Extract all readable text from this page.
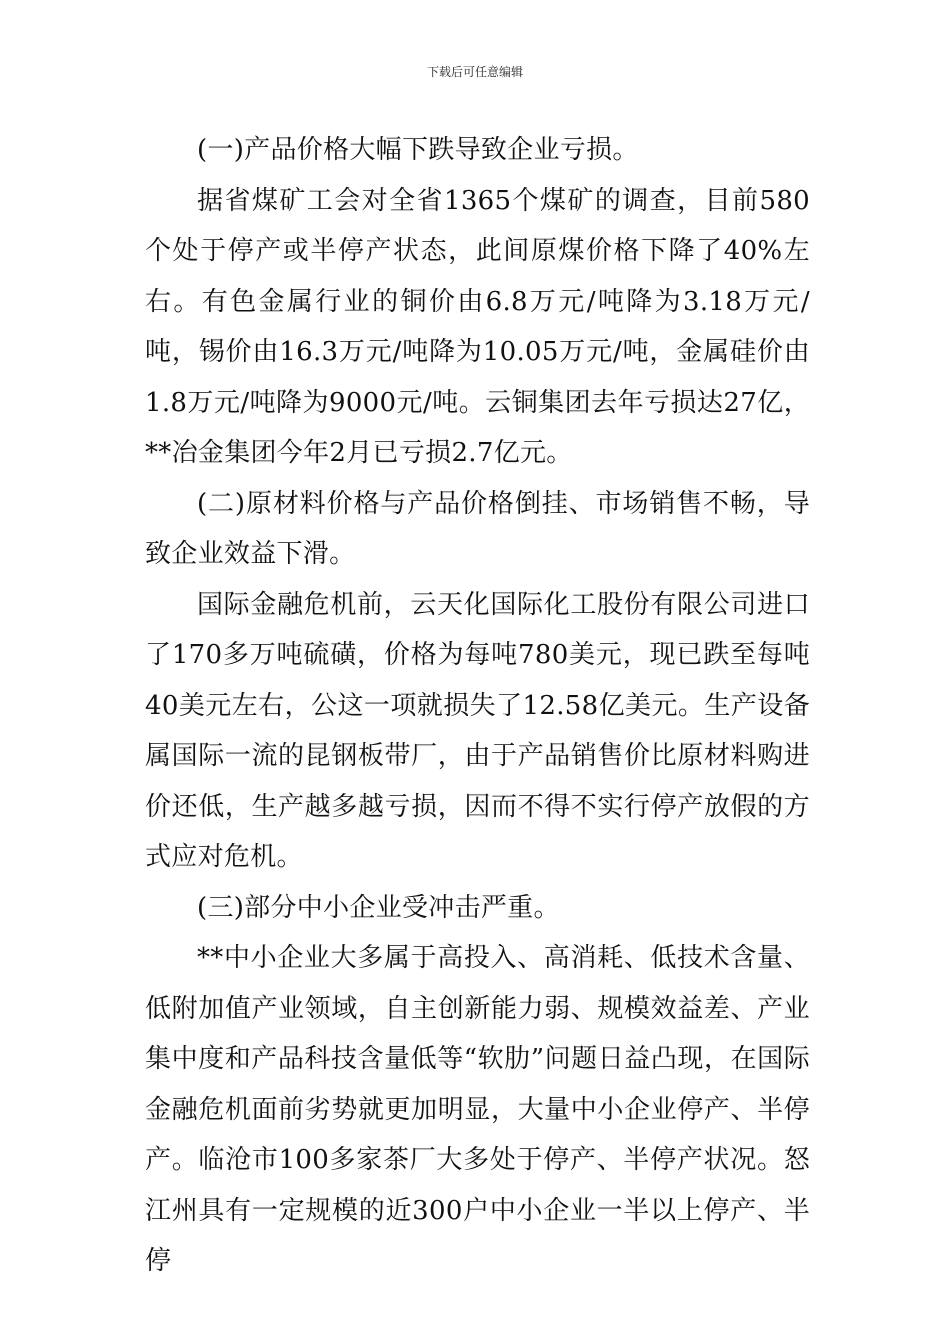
下载后可任意编辑

(一)产品价格大幅下跌导致企业亏损。

据省煤矿工会对全省1365个煤矿的调查，目前580个处于停产或半停产状态，此间原煤价格下降了40%左右。有色金属行业的铜价由6.8万元/吨降为3.18万元/吨，锡价由16.3万元/吨降为10.05万元/吨，金属硅价由1.8万元/吨降为9000元/吨。云铜集团去年亏损达27亿，**冶金集团今年2月已亏损2.7亿元。

(二)原材料价格与产品价格倒挂、市场销售不畅，导致企业效益下滑。

国际金融危机前，云天化国际化工股份有限公司进口了170多万吨硫磺，价格为每吨780美元，现已跌至每吨40美元左右，公这一项就损失了12.58亿美元。生产设备属国际一流的昆钢板带厂，由于产品销售价比原材料购进价还低，生产越多越亏损，因而不得不实行停产放假的方式应对危机。

(三)部分中小企业受冲击严重。

**中小企业大多属于高投入、高消耗、低技术含量、低附加值产业领域，自主创新能力弱、规模效益差、产业集中度和产品科技含量低等“软肋”问题日益凸现，在国际金融危机面前劣势就更加明显，大量中小企业停产、半停产。临沧市100多家茶厂大多处于停产、半停产状况。怒江州具有一定规模的近300户中小企业一半以上停产、半停
